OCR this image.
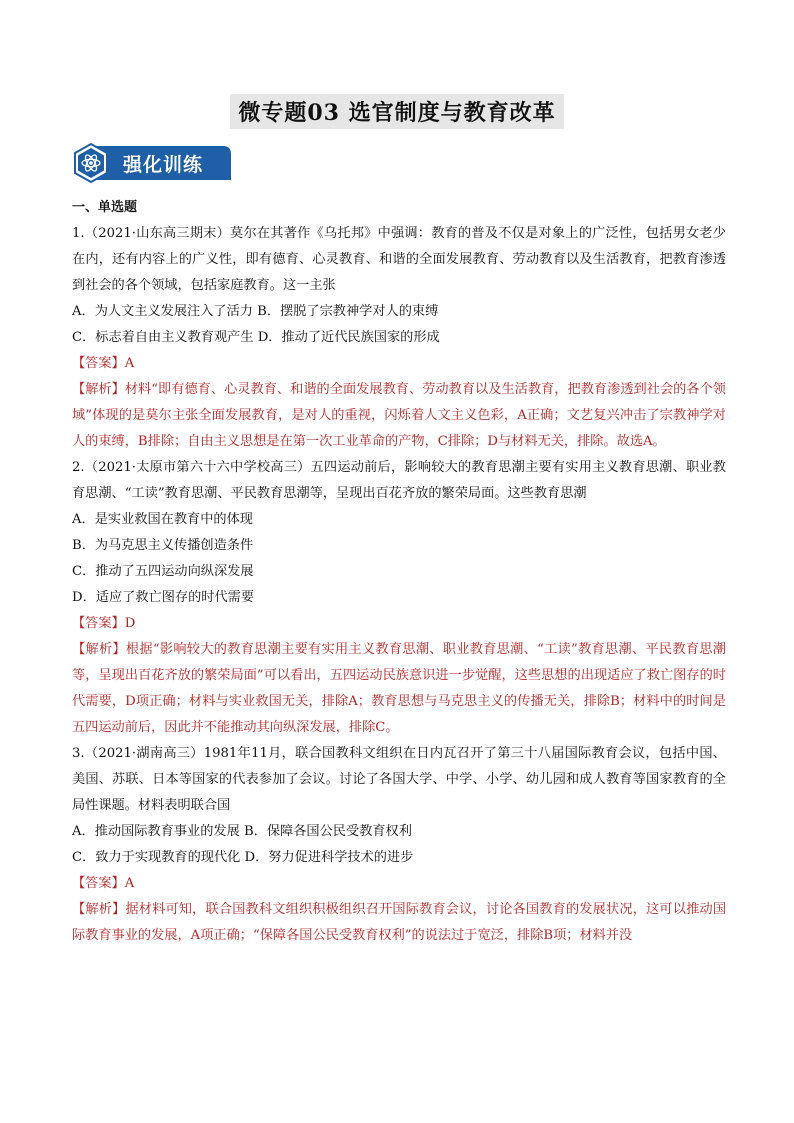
微专题03 选官制度与教育改革
强化训练

一、单选题

1.（2021·山东高三期末）莫尔在其著作《乌托邦》中强调：教育的普及不仅是对象上的广泛性，包括男女老少在内，还有内容上的广义性，即有德育、心灵教育、和谐的全面发展教育、劳动教育以及生活教育，把教育渗透到社会的各个领域，包括家庭教育。这一主张

A．为人文主义发展注入了活力 B．摆脱了宗教神学对人的束缚

C．标志着自由主义教育观产生 D．推动了近代民族国家的形成

【答案】A

【解析】材料“即有德育、心灵教育、和谐的全面发展教育、劳动教育以及生活教育，把教育渗透到社会的各个领域”体现的是莫尔主张全面发展教育，是对人的重视，闪烁着人文主义色彩，A正确；文艺复兴冲击了宗教神学对人的束缚，B排除；自由主义思想是在第一次工业革命的产物，C排除；D与材料无关，排除。故选A。

2.（2021·太原市第六十六中学校高三）五四运动前后，影响较大的教育思潮主要有实用主义教育思潮、职业教育思潮、“工读”教育思潮、平民教育思潮等，呈现出百花齐放的繁荣局面。这些教育思潮

A．是实业救国在教育中的体现

B．为马克思主义传播创造条件

C．推动了五四运动向纵深发展

D．适应了救亡图存的时代需要

【答案】D

【解析】根据“影响较大的教育思潮主要有实用主义教育思潮、职业教育思潮、“工读”教育思潮、平民教育思潮等，呈现出百花齐放的繁荣局面”可以看出，五四运动民族意识进一步觉醒，这些思想的出现适应了救亡图存的时代需要，D项正确；材料与实业救国无关，排除A；教育思想与马克思主义的传播无关，排除B；材料中的时间是五四运动前后，因此并不能推动其向纵深发展，排除C。

3.（2021·湖南高三）1981年11月，联合国教科文组织在日内瓦召开了第三十八届国际教育会议，包括中国、美国、苏联、日本等国家的代表参加了会议。讨论了各国大学、中学、小学、幼儿园和成人教育等国家教育的全局性课题。材料表明联合国

A．推动国际教育事业的发展 B．保障各国公民受教育权利

C．致力于实现教育的现代化 D．努力促进科学技术的进步

【答案】A

【解析】据材料可知，联合国教科文组织积极组织召开国际教育会议，讨论各国教育的发展状况，这可以推动国际教育事业的发展，A项正确；“保障各国公民受教育权利”的说法过于宽泛，排除B项；材料并没
